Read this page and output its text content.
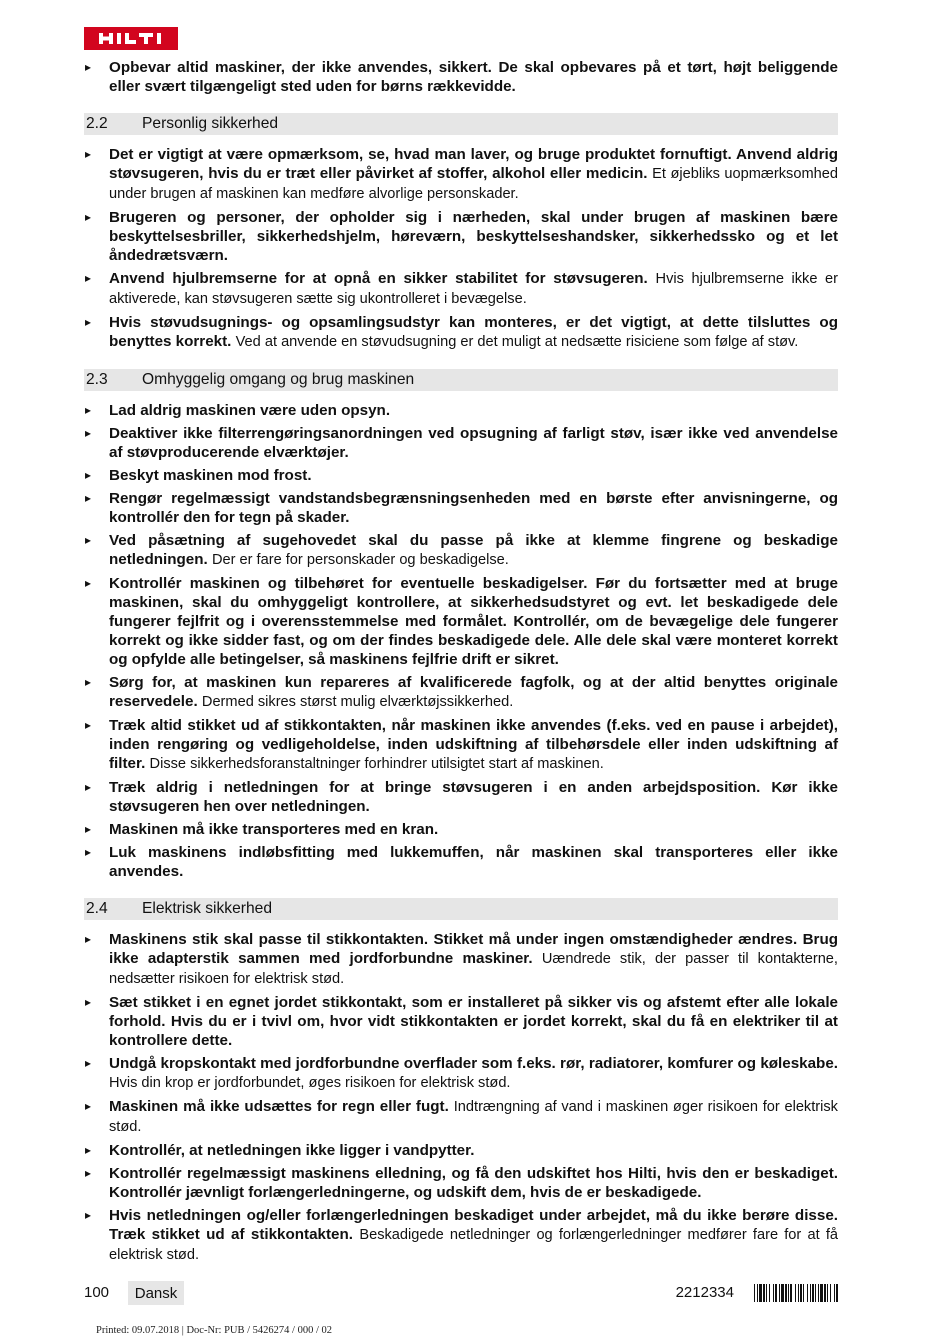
▸ Opbevar altid maskiner, der ikke anvendes, sikkert. De skal opbevares på et tørt, højt beliggende eller svært tilgængeligt sted uden for børns rækkevidde.
2.2	Personlig sikkerhed
▸ Det er vigtigt at være opmærksom, se, hvad man laver, og bruge produktet fornuftigt. Anvend aldrig støvsugeren, hvis du er træt eller påvirket af stoffer, alkohol eller medicin. Et øjebliks uopmærksomhed under brugen af maskinen kan medføre alvorlige personskader.
▸ Brugeren og personer, der opholder sig i nærheden, skal under brugen af maskinen bære beskyttelsesbriller, sikkerhedshjelm, høreværn, beskyttelseshandsker, sikkerhedssko og et let åndedrætsværn.
▸ Anvend hjulbremserne for at opnå en sikker stabilitet for støvsugeren. Hvis hjulbremserne ikke er aktiverede, kan støvsugeren sætte sig ukontrolleret i bevægelse.
▸ Hvis støvudsugnings- og opsamlingsudstyr kan monteres, er det vigtigt, at dette tilsluttes og benyttes korrekt. Ved at anvende en støvudsugning er det muligt at nedsætte risiciene som følge af støv.
2.3	Omhyggelig omgang og brug maskinen
▸ Lad aldrig maskinen være uden opsyn.
▸ Deaktiver ikke filterrengøringsanordningen ved opsugning af farligt støv, især ikke ved anvendelse af støvproducerende elværktøjer.
▸ Beskyt maskinen mod frost.
▸ Rengør regelmæssigt vandstandsbegrænsningsenheden med en børste efter anvisningerne, og kontrollér den for tegn på skader.
▸ Ved påsætning af sugehovedet skal du passe på ikke at klemme fingrene og beskadige netledningen. Der er fare for personskader og beskadigelse.
▸ Kontrollér maskinen og tilbehøret for eventuelle beskadigelser. Før du fortsætter med at bruge maskinen, skal du omhyggeligt kontrollere, at sikkerhedsudstyret og evt. let beskadigede dele fungerer fejlfrit og i overensstemmelse med formålet. Kontrollér, om de bevægelige dele fungerer korrekt og ikke sidder fast, og om der findes beskadigede dele. Alle dele skal være monteret korrekt og opfylde alle betingelser, så maskinens fejlfrie drift er sikret.
▸ Sørg for, at maskinen kun repareres af kvalificerede fagfolk, og at der altid benyttes originale reservedele. Dermed sikres størst mulig elværktøjssikkerhed.
▸ Træk altid stikket ud af stikkontakten, når maskinen ikke anvendes (f.eks. ved en pause i arbejdet), inden rengøring og vedligeholdelse, inden udskiftning af tilbehørsdele eller inden udskiftning af filter. Disse sikkerhedsforanstaltninger forhindrer utilsigtet start af maskinen.
▸ Træk aldrig i netledningen for at bringe støvsugeren i en anden arbejdsposition. Kør ikke støvsugeren hen over netledningen.
▸ Maskinen må ikke transporteres med en kran.
▸ Luk maskinens indløbsfitting med lukkemuffen, når maskinen skal transporteres eller ikke anvendes.
2.4	Elektrisk sikkerhed
▸ Maskinens stik skal passe til stikkontakten. Stikket må under ingen omstændigheder ændres. Brug ikke adapterstik sammen med jordforbundne maskiner. Uændrede stik, der passer til kontakterne, nedsætter risikoen for elektrisk stød.
▸ Sæt stikket i en egnet jordet stikkontakt, som er installeret på sikker vis og afstemt efter alle lokale forhold. Hvis du er i tvivl om, hvor vidt stikkontakten er jordet korrekt, skal du få en elektriker til at kontrollere dette.
▸ Undgå kropskontakt med jordforbundne overflader som f.eks. rør, radiatorer, komfurer og køleskabe. Hvis din krop er jordforbundet, øges risikoen for elektrisk stød.
▸ Maskinen må ikke udsættes for regn eller fugt. Indtrængning af vand i maskinen øger risikoen for elektrisk stød.
▸ Kontrollér, at netledningen ikke ligger i vandpytter.
▸ Kontrollér regelmæssigt maskinens elledning, og få den udskiftet hos Hilti, hvis den er beskadiget. Kontrollér jævnligt forlængerledningerne, og udskift dem, hvis de er beskadigede.
▸ Hvis netledningen og/eller forlængerledningen beskadiget under arbejdet, må du ikke berøre disse. Træk stikket ud af stikkontakten. Beskadigede netledninger og forlængerledninger medfører fare for at få elektrisk stød.
100	Dansk	2212334
Printed: 09.07.2018 | Doc-Nr: PUB / 5426274 / 000 / 02
